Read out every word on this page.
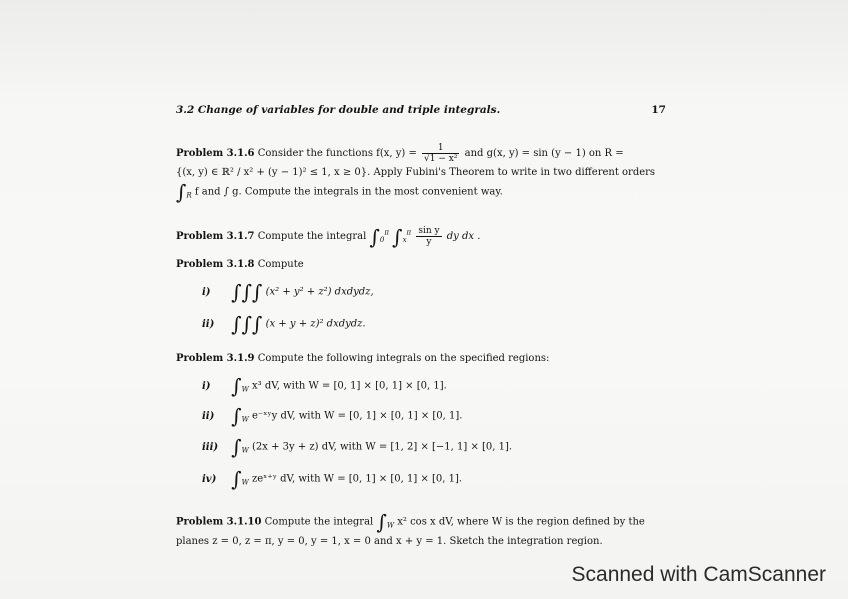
3.2 Change of variables for double and triple integrals.	17
Problem 3.1.6 Consider the functions f(x, $y) = \frac{1}{\text{√1 − x²}}$ and g(x, y) = sin (y − 1) on R =
{(x, y) ∈ ℝ² / x² + (y − 1)² ≤ 1, x ≥ 0}. Apply Fubini's Theorem to write in two different orders
$\int_R$ f and ∫ g. Compute the integrals in the most convenient way.
Problem 3.1.7 Compute the integral $\int_0^\pi$ $\int_x^\pi \frac{\text{sin y}}{y}$ dy dx .
Problem 3.1.8 Compute
i) ∫∫∫ (x² + y² + z²) dxdydz,
ii) ∫∫∫ (x + y + z)² dxdydz.
Problem 3.1.9 Compute the following integrals on the specified regions:
i) $\int_W$ x³ dV, with W = [0, 1] × [0, 1] × [0, 1].
ii) $\int_W$ e⁻ˣʸy dV, with W = [0, 1] × [0, 1] × [0, 1].
iii) $\int_W$ (2x + 3y + z) dV, with W = [1, 2] × [−1, 1] × [0, 1].
iv) $\int_W$ zeˣ⁺ʸ dV, with W = [0, 1] × [0, 1] × [0, 1].
Problem 3.1.10 Compute the integral $\int_W$ x² cos x dV, where W is the region defined by the
planes z = 0, z = π, y = 0, y = 1, x = 0 and x + y = 1. Sketch the integration region.
Scanned with CamScanner
